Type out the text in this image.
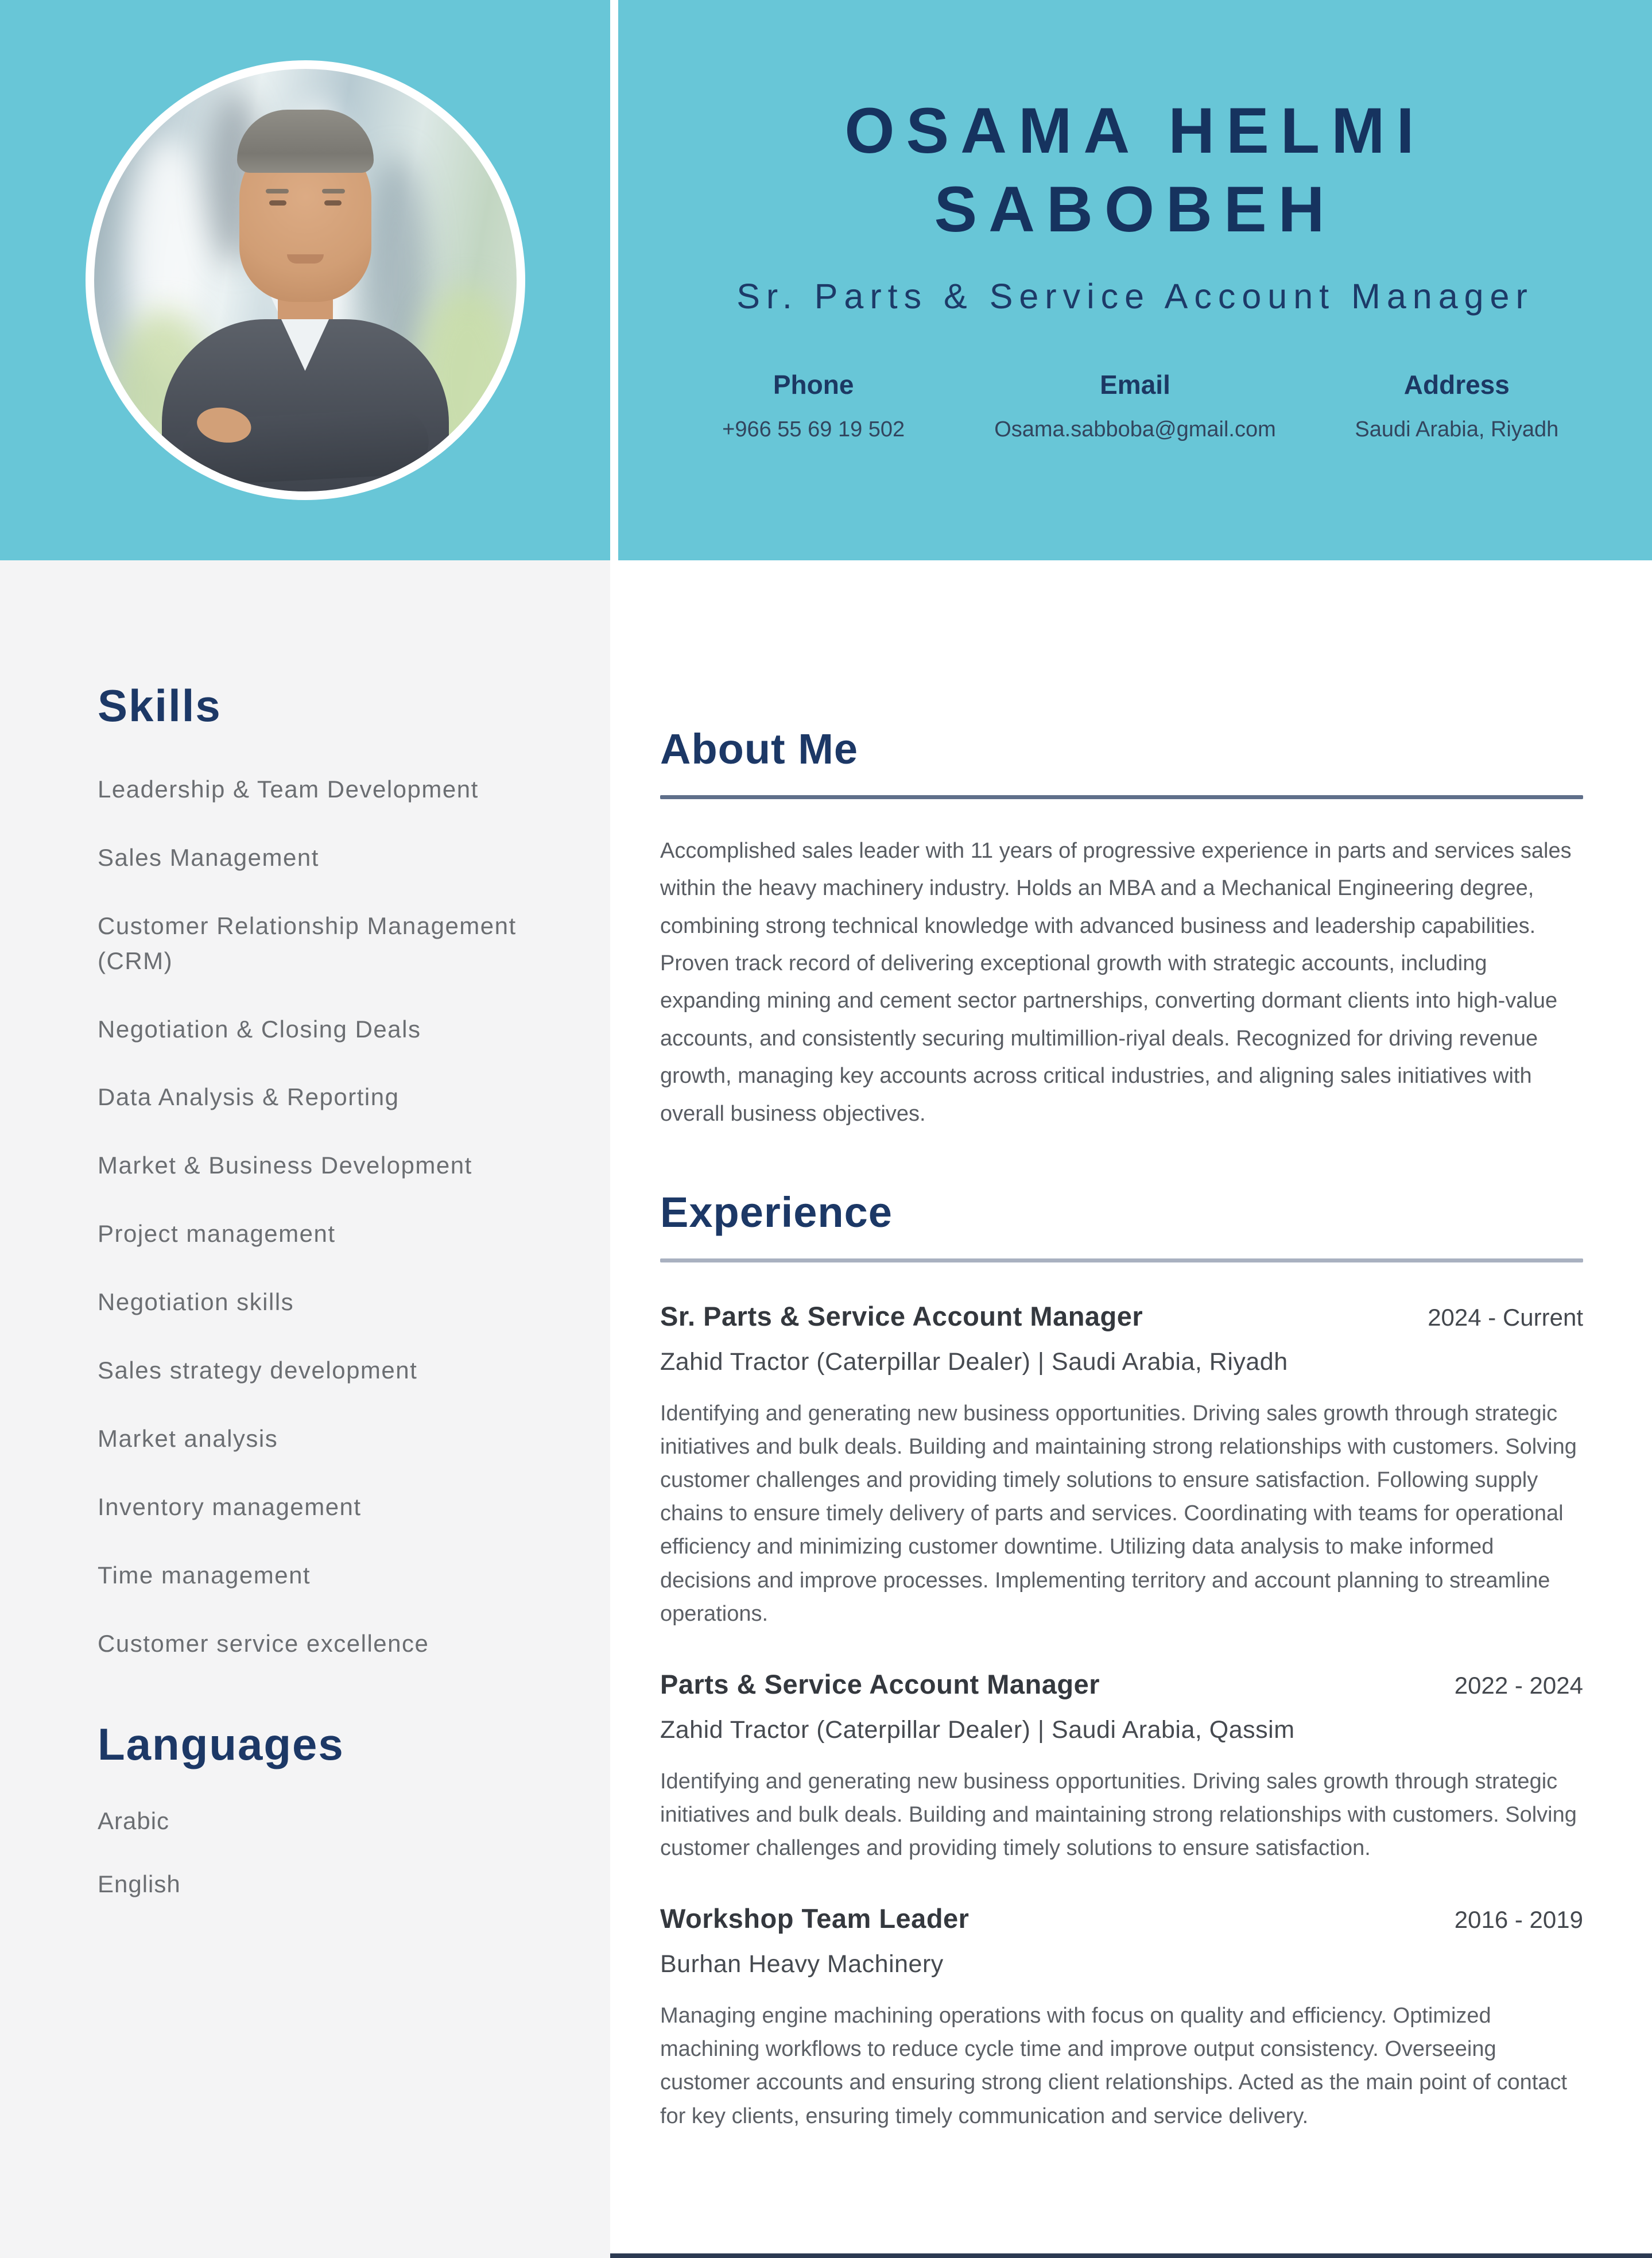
Skills
Leadership & Team Development
Sales Management
Customer Relationship Management (CRM)
Negotiation & Closing Deals
Data Analysis & Reporting
Market & Business Development
Project management
Negotiation skills
Sales strategy development
Market analysis
Inventory management
Time management
Customer service excellence
Languages
Arabic
English
OSAMA HELMI
SABOBEH
Sr. Parts & Service Account Manager
Phone
+966 55 69 19 502
Email
Osama.sabboba@gmail.com
Address
Saudi Arabia, Riyadh
About Me

Accomplished sales leader with 11 years of progressive experience in parts and services sales within the heavy machinery industry. Holds an MBA and a Mechanical Engineering degree, combining strong technical knowledge with advanced business and leadership capabilities. Proven track record of delivering exceptional growth with strategic accounts, including expanding mining and cement sector partnerships, converting dormant clients into high-value accounts, and consistently securing multimillion-riyal deals. Recognized for driving revenue growth, managing key accounts across critical industries, and aligning sales initiatives with overall business objectives.

Experience
Sr. Parts & Service Account Manager	2024 - Current
Zahid Tractor (Caterpillar Dealer) | Saudi Arabia, Riyadh

Identifying and generating new business opportunities. Driving sales growth through strategic initiatives and bulk deals. Building and maintaining strong relationships with customers. Solving customer challenges and providing timely solutions to ensure satisfaction. Following supply chains to ensure timely delivery of parts and services. Coordinating with teams for operational efficiency and minimizing customer downtime. Utilizing data analysis to make informed decisions and improve processes. Implementing territory and account planning to streamline operations.

Parts & Service Account Manager	2022 - 2024
Zahid Tractor (Caterpillar Dealer) | Saudi Arabia, Qassim

Identifying and generating new business opportunities. Driving sales growth through strategic initiatives and bulk deals. Building and maintaining strong relationships with customers. Solving customer challenges and providing timely solutions to ensure satisfaction.

Workshop Team Leader	2016 - 2019
Burhan Heavy Machinery

Managing engine machining operations with focus on quality and efficiency. Optimized machining workflows to reduce cycle time and improve output consistency. Overseeing customer accounts and ensuring strong client relationships. Acted as the main point of contact for key clients, ensuring timely communication and service delivery.
